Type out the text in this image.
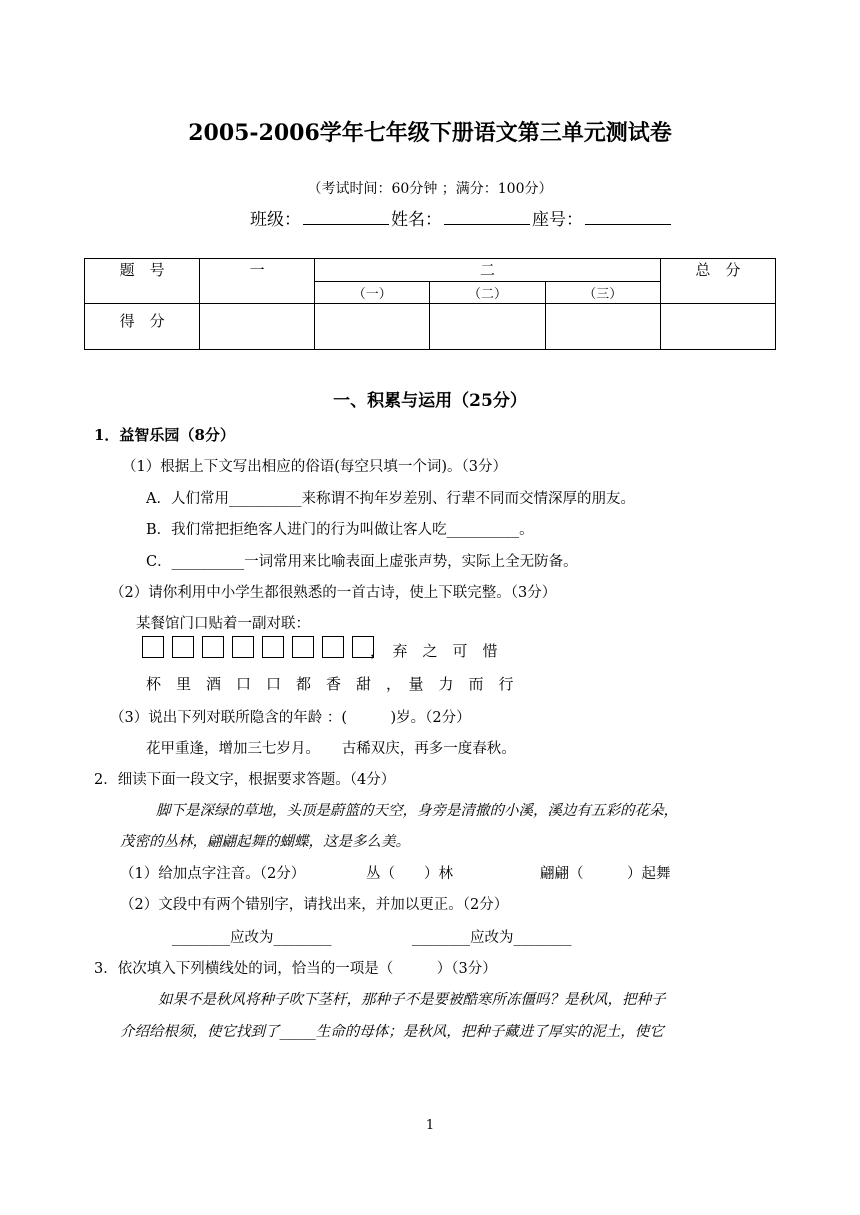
2005-2006学年七年级下册语文第三单元测试卷
（考试时间：60分钟 ；满分：100分）
班级：	姓名：	座号：
题　号	一	二			总　分
		（一）	（二）	（三）	
得　分					
一、积累与运用（25分）
1．益智乐园（8分）
（1）根据上下文写出相应的俗语(每空只填一个词)。（3分）
A．人们常用__________来称谓不拘年岁差别、行辈不同而交情深厚的朋友。
B．我们常把拒绝客人进门的行为叫做让客人吃__________。
C．__________一词常用来比喻表面上虚张声势，实际上全无防备。
（2）请你利用中小学生都很熟悉的一首古诗，使上下联完整。（3分）
某餐馆门口贴着一副对联：
，　弃　之　可　惜
杯　里　酒　口　口　都　香　甜　，　量　力　而　行
（3）说出下列对联所隐含的年龄 ：(　　　)岁。（2分）
花甲重逢，增加三七岁月。　　古稀双庆，再多一度春秋。
2．细读下面一段文字，根据要求答题。（4分）
脚下是深绿的草地，头顶是蔚篮的天空，身旁是清撤的小溪，溪边有五彩的花朵，
茂密的丛林，翩翩起舞的蝴蝶，这是多么美。
（1）给加点字注音。（2分）	丛（　　）林	翩翩（　　　）起舞
（2）文段中有两个错别字，请找出来，并加以更正。（2分）
________应改为________	________应改为________
3．依次填入下列横线处的词，恰当的一项是（　　　）（3分）
如果不是秋风将种子吹下茎杆，那种子不是要被酷寒所冻僵吗？是秋风，把种子
介绍给根须，使它找到了_____生命的母体；是秋风，把种子藏进了厚实的泥土，使它
1
